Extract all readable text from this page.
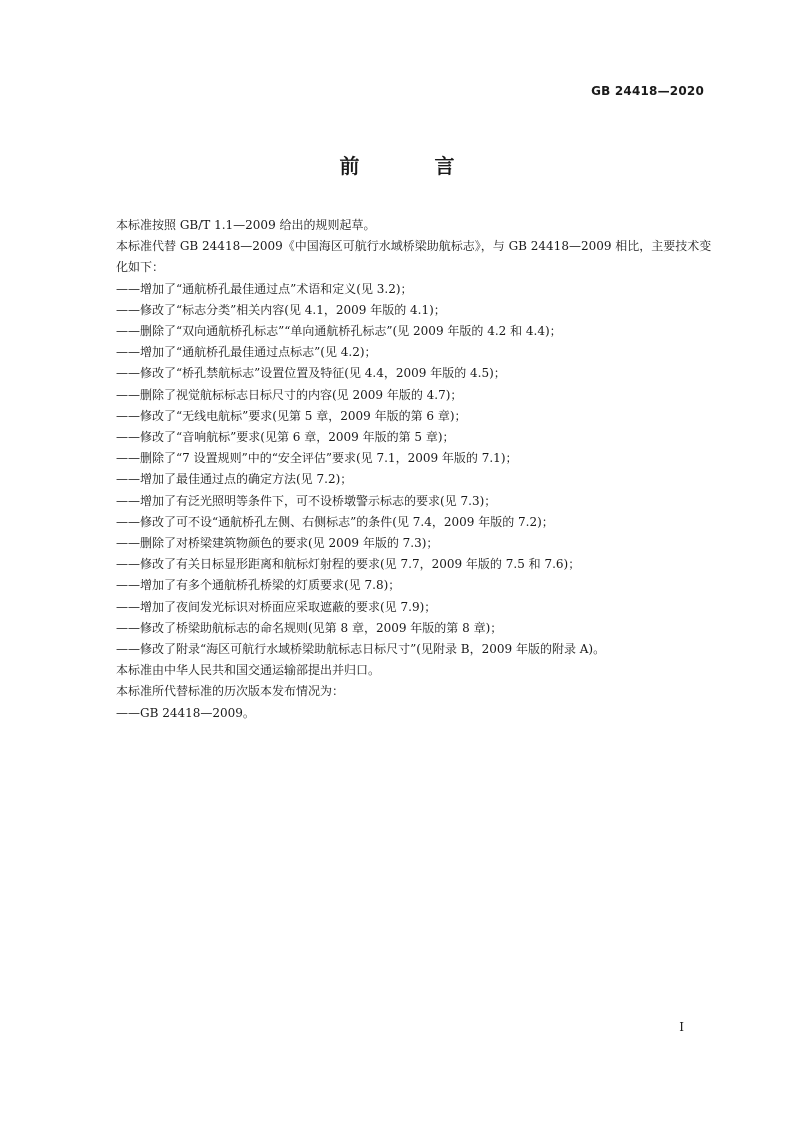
GB 24418—2020
前 言
本标准按照 GB/T 1.1—2009 给出的规则起草。
本标准代替 GB 24418—2009《中国海区可航行水域桥梁助航标志》，与 GB 24418—2009 相比，主要技术变化如下：
——增加了“通航桥孔最佳通过点”术语和定义(见 3.2)；
——修改了“标志分类”相关内容(见 4.1，2009 年版的 4.1)；
——删除了“双向通航桥孔标志”“单向通航桥孔标志”(见 2009 年版的 4.2 和 4.4)；
——增加了“通航桥孔最佳通过点标志”(见 4.2)；
——修改了“桥孔禁航标志”设置位置及特征(见 4.4，2009 年版的 4.5)；
——删除了视觉航标标志日标尺寸的内容(见 2009 年版的 4.7)；
——修改了“无线电航标”要求(见第 5 章，2009 年版的第 6 章)；
——修改了“音响航标”要求(见第 6 章，2009 年版的第 5 章)；
——删除了“7 设置规则”中的“安全评估”要求(见 7.1，2009 年版的 7.1)；
——增加了最佳通过点的确定方法(见 7.2)；
——增加了有泛光照明等条件下，可不设桥墩警示标志的要求(见 7.3)；
——修改了可不设“通航桥孔左侧、右侧标志”的条件(见 7.4，2009 年版的 7.2)；
——删除了对桥梁建筑物颜色的要求(见 2009 年版的 7.3)；
——修改了有关日标显形距离和航标灯射程的要求(见 7.7，2009 年版的 7.5 和 7.6)；
——增加了有多个通航桥孔桥梁的灯质要求(见 7.8)；
——增加了夜间发光标识对桥面应采取遮蔽的要求(见 7.9)；
——修改了桥梁助航标志的命名规则(见第 8 章，2009 年版的第 8 章)；
——修改了附录“海区可航行水域桥梁助航标志日标尺寸”(见附录 B，2009 年版的附录 A)。
本标准由中华人民共和国交通运输部提出并归口。
本标准所代替标准的历次版本发布情况为：
——GB 24418—2009。
I
